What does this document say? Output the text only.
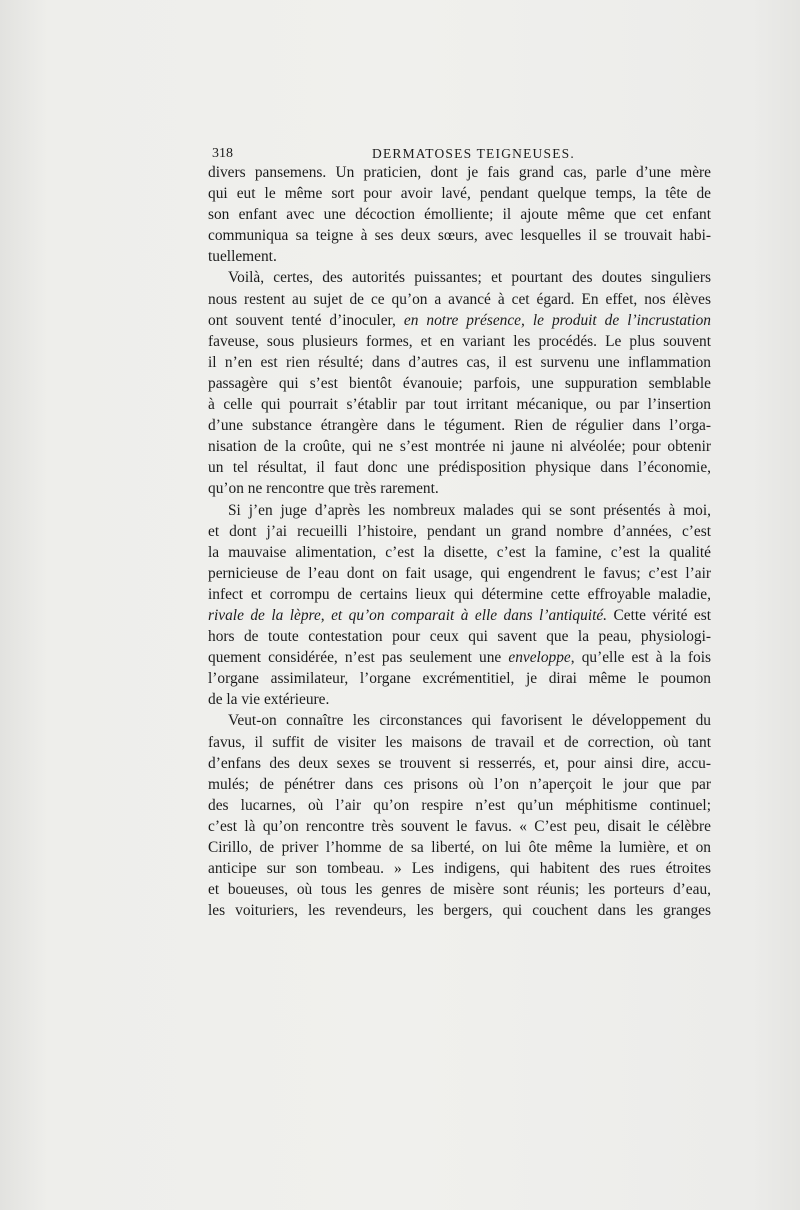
318	DERMATOSES TEIGNEUSES.
divers pansemens. Un praticien, dont je fais grand cas, parle d’une mère
qui eut le même sort pour avoir lavé, pendant quelque temps, la tête de
son enfant avec une décoction émolliente; il ajoute même que cet enfant
communiqua sa teigne à ses deux sœurs, avec lesquelles il se trouvait habi-
tuellement.
Voilà, certes, des autorités puissantes; et pourtant des doutes singuliers
nous restent au sujet de ce qu’on a avancé à cet égard. En effet, nos élèves
ont souvent tenté d’inoculer, en notre présence, le produit de l’incrustation
faveuse, sous plusieurs formes, et en variant les procédés. Le plus souvent
il n’en est rien résulté; dans d’autres cas, il est survenu une inflammation
passagère qui s’est bientôt évanouie; parfois, une suppuration semblable
à celle qui pourrait s’établir par tout irritant mécanique, ou par l’insertion
d’une substance étrangère dans le tégument. Rien de régulier dans l’orga-
nisation de la croûte, qui ne s’est montrée ni jaune ni alvéolée; pour obtenir
un tel résultat, il faut donc une prédisposition physique dans l’économie,
qu’on ne rencontre que très rarement.
Si j’en juge d’après les nombreux malades qui se sont présentés à moi,
et dont j’ai recueilli l’histoire, pendant un grand nombre d’années, c’est
la mauvaise alimentation, c’est la disette, c’est la famine, c’est la qualité
pernicieuse de l’eau dont on fait usage, qui engendrent le favus; c’est l’air
infect et corrompu de certains lieux qui détermine cette effroyable maladie,
rivale de la lèpre, et qu’on comparait à elle dans l’antiquité. Cette vérité est
hors de toute contestation pour ceux qui savent que la peau, physiologi-
quement considérée, n’est pas seulement une enveloppe, qu’elle est à la fois
l’organe assimilateur, l’organe excrémentitiel, je dirai même le poumon
de la vie extérieure.
Veut-on connaître les circonstances qui favorisent le développement du
favus, il suffit de visiter les maisons de travail et de correction, où tant
d’enfans des deux sexes se trouvent si resserrés, et, pour ainsi dire, accu-
mulés; de pénétrer dans ces prisons où l’on n’aperçoit le jour que par
des lucarnes, où l’air qu’on respire n’est qu’un méphitisme continuel;
c’est là qu’on rencontre très souvent le favus. « C’est peu, disait le célèbre
Cirillo, de priver l’homme de sa liberté, on lui ôte même la lumière, et on
anticipe sur son tombeau. » Les indigens, qui habitent des rues étroites
et boueuses, où tous les genres de misère sont réunis; les porteurs d’eau,
les voituriers, les revendeurs, les bergers, qui couchent dans les granges
